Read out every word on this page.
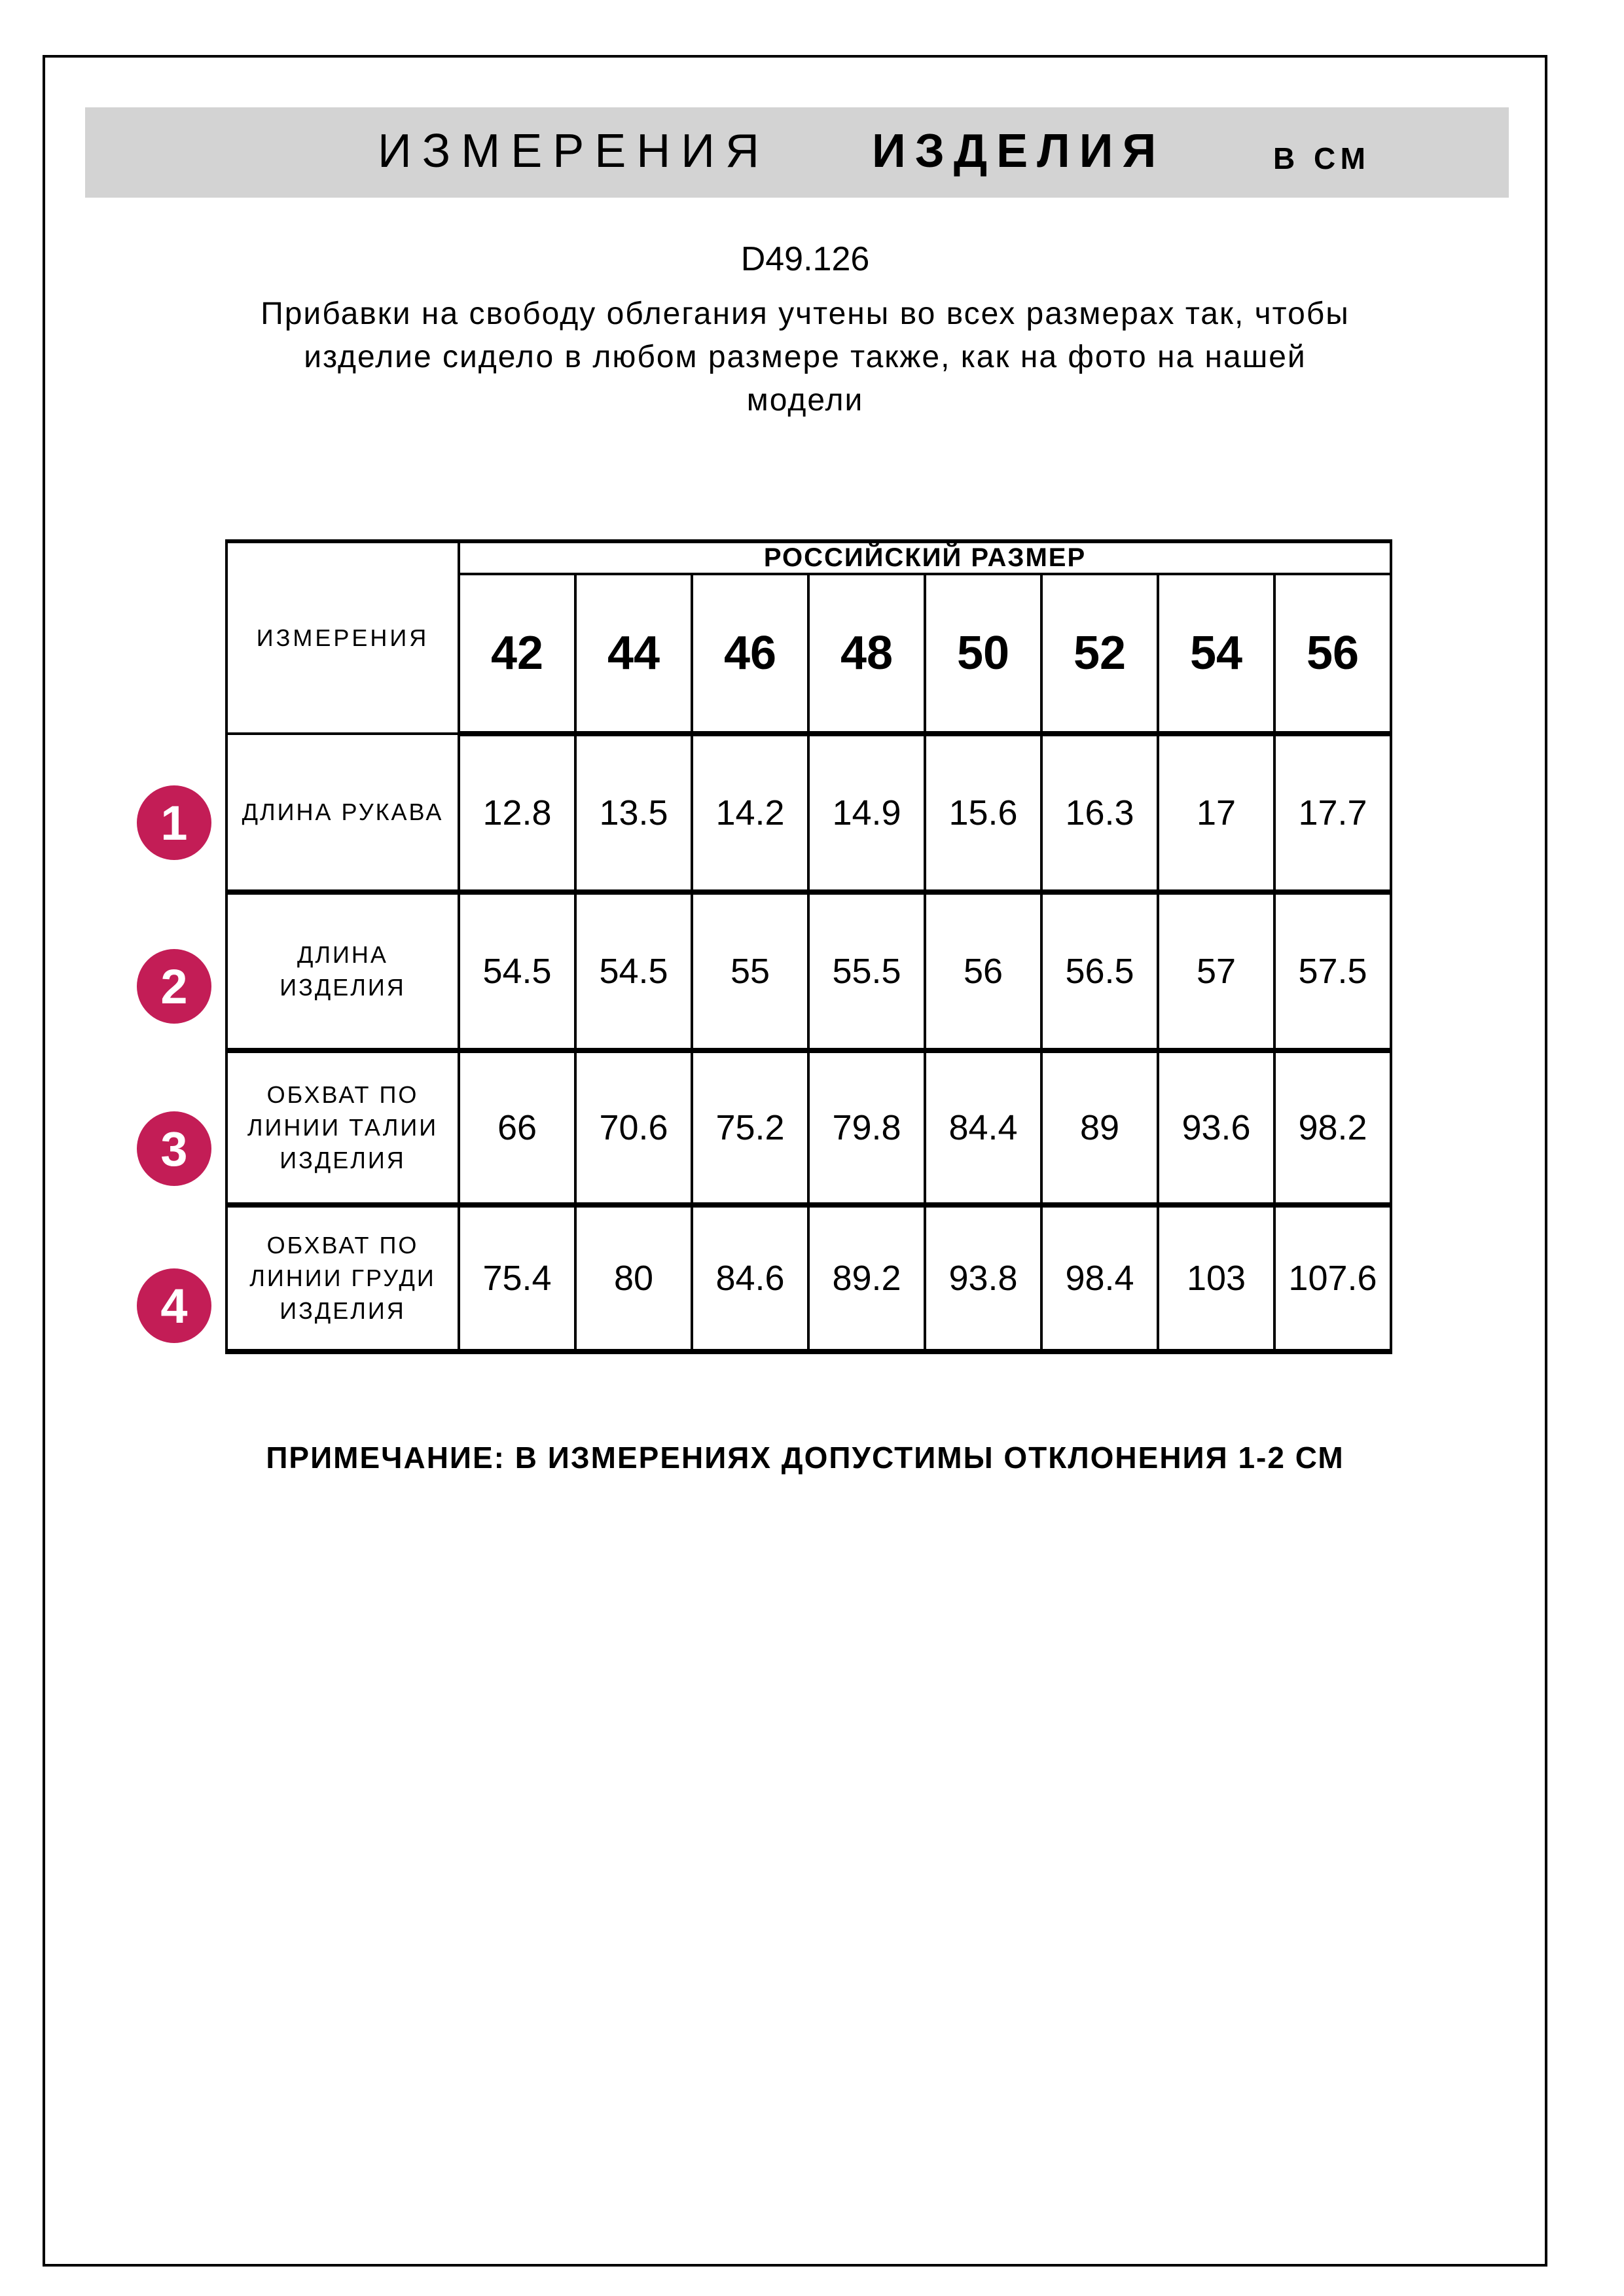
ИЗМЕРЕНИЯ ИЗДЕЛИЯ	В СМ
D49.126
Прибавки на свободу облегания учтены во всех размерах так, чтобы
изделие сидело в любом размере также, как на фото на нашей
модели
ИЗМЕРЕНИЯ	РОССИЙСКИЙ РАЗМЕР							
	42	44	46	48	50	52	54	56

ДЛИНА РУКАВА	12.8	13.5	14.2	14.9	15.6	16.3	17	17.7

ДЛИНА
ИЗДЕЛИЯ	54.5	54.5	55	55.5	56	56.5	57	57.5

ОБХВАТ ПО
ЛИНИИ ТАЛИИ
ИЗДЕЛИЯ	66	70.6	75.2	79.8	84.4	89	93.6	98.2

ОБХВАТ ПО
ЛИНИИ ГРУДИ
ИЗДЕЛИЯ	75.4	80	84.6	89.2	93.8	98.4	103	107.6
1
2
3
4
ПРИМЕЧАНИЕ: В ИЗМЕРЕНИЯХ ДОПУСТИМЫ ОТКЛОНЕНИЯ 1-2 СМ
